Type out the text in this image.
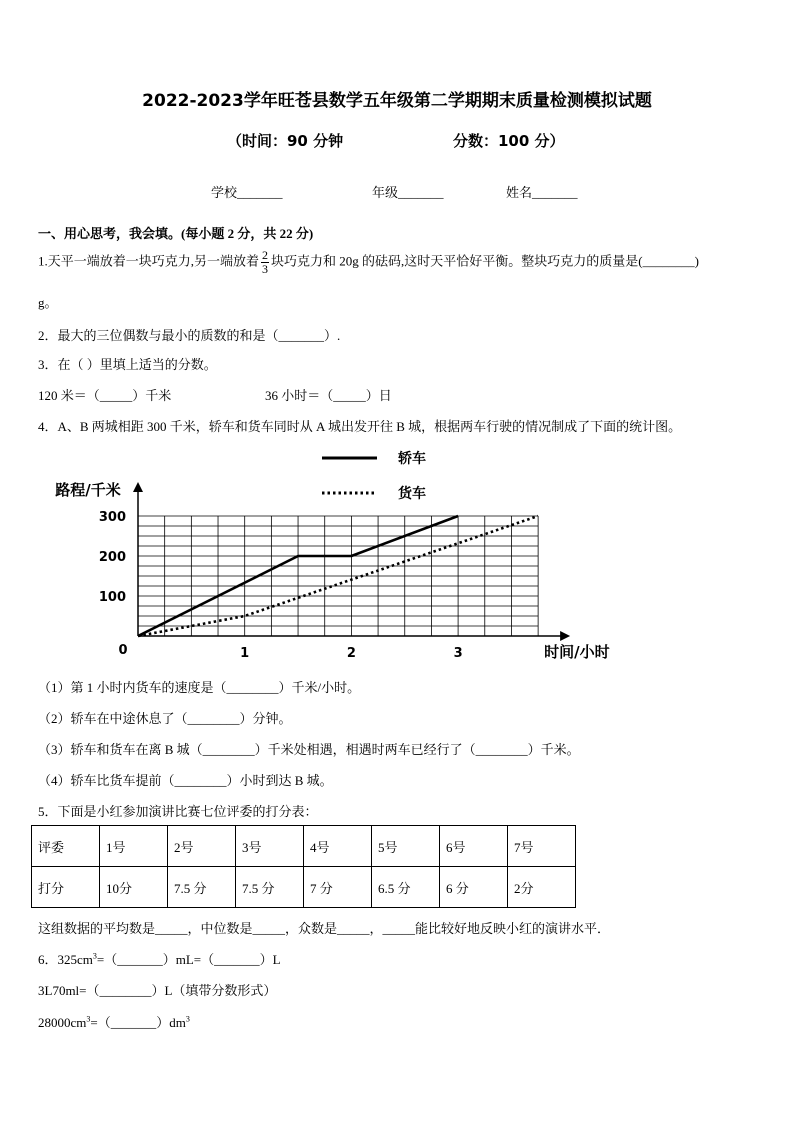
2022-2023学年旺苍县数学五年级第二学期期末质量检测模拟试题
（时间：90 分钟	分数：100 分）
学校_______	年级_______	姓名_______
一、用心思考，我会填。(每小题 2 分，共 22 分)
1.天平一端放着一块巧克力,另一端放着 $\frac{2}{3}$ 块巧克力和 20g 的砝码,这时天平恰好平衡。整块巧克力的质量是(________)
g。
2．最大的三位偶数与最小的质数的和是（_______）.
3．在（ ）里填上适当的分数。
120 米＝（_____）千米	36 小时＝（_____）日
4．A、B 两城相距 300 千米，轿车和货车同时从 A 城出发开往 B 城，根据两车行驶的情况制成了下面的统计图。
100
200
300
1	2	3
0
路程/千米
时间/小时
轿车
货车
（1）第 1 小时内货车的速度是（________）千米/小时。
（2）轿车在中途休息了（________）分钟。
（3）轿车和货车在离 B 城（________）千米处相遇，相遇时两车已经行了（________）千米。
（4）轿车比货车提前（________）小时到达 B 城。
5．下面是小红参加演讲比赛七位评委的打分表：
评委	1号	2号	3号	4号	5号	6号	7号
打分	10分	7.5 分	7.5 分	7 分	6.5 分	6 分	2分
这组数据的平均数是_____，中位数是_____，众数是_____，_____能比较好地反映小红的演讲水平．
6．$325cm^3=(\_\_\_\_\_\_\_)mL=(\_\_\_\_\_\_\_)L$
3L70ml=（________）L（填带分数形式）
$28000cm^3=(\_\_\_\_\_\_\_)dm^3$
